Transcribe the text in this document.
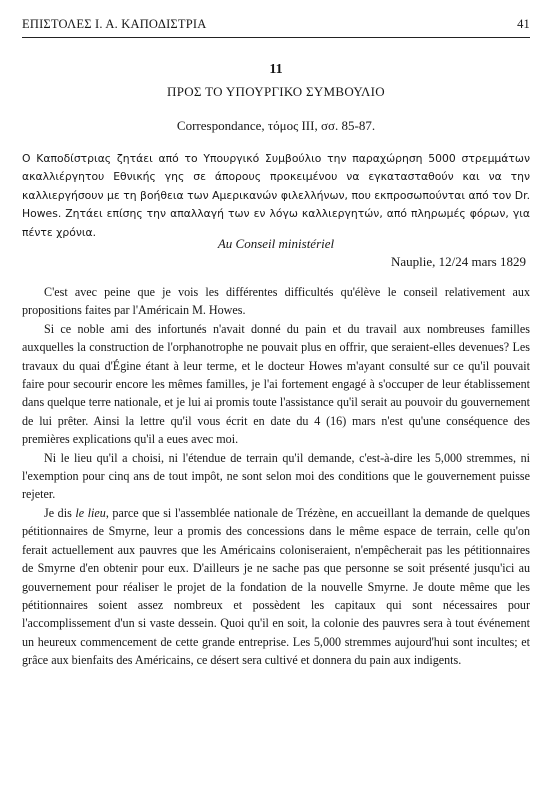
ΕΠΙΣΤΟΛΕΣ Ι. Α. ΚΑΠΟΔΙΣΤΡΙΑ	41
11
ΠΡΟΣ ΤΟ ΥΠΟΥΡΓΙΚΟ ΣΥΜΒΟΥΛΙΟ
Correspondance, τόμος III, σσ. 85-87.
Ο Καποδίστριας ζητάει από το Υπουργικό Συμβούλιο την παραχώρηση 5000 στρεμμάτων ακαλλιέργητου Εθνικής γης σε άπορους προκειμένου να εγκατασταθούν και να την καλλιεργήσουν με τη βοήθεια των Αμερικανών φιλελλήνων, που εκπροσωπούνται από τον Dr. Howes. Ζητάει επίσης την απαλλαγή των εν λόγω καλλιεργητών, από πληρωμές φόρων, για πέντε χρόνια.
Au Conseil ministériel
Nauplie, 12/24 mars 1829

C'est avec peine que je vois les différentes difficultés qu'élève le conseil relativement aux propositions faites par l'Américain M. Howes.

Si ce noble ami des infortunés n'avait donné du pain et du travail aux nombreuses familles auxquelles la construction de l'orphanotrophe ne pouvait plus en offrir, que seraient-elles devenues? Les travaux du quai d'Égine étant à leur terme, et le docteur Howes m'ayant consulté sur ce qu'il pouvait faire pour secourir encore les mêmes familles, je l'ai fortement engagé à s'occuper de leur établissement dans quelque terre nationale, et je lui ai promis toute l'assistance qu'il serait au pouvoir du gouvernement de lui prêter. Ainsi la lettre qu'il vous écrit en date du 4 (16) mars n'est qu'une conséquence des premières explications qu'il a eues avec moi.

Ni le lieu qu'il a choisi, ni l'étendue de terrain qu'il demande, c'est-à-dire les 5,000 stremmes, ni l'exemption pour cinq ans de tout impôt, ne sont selon moi des conditions que le gouvernement puisse rejeter.

Je dis le lieu, parce que si l'assemblée nationale de Trézène, en accueillant la demande de quelques pétitionnaires de Smyrne, leur a promis des concessions dans le même espace de terrain, celle qu'on ferait actuellement aux pauvres que les Américains coloniseraient, n'empêcherait pas les pétitionnaires de Smyrne d'en obtenir pour eux. D'ailleurs je ne sache pas que personne se soit présenté jusqu'ici au gouvernement pour réaliser le projet de la fondation de la nouvelle Smyrne. Je doute même que les pétitionnaires soient assez nombreux et possèdent les capitaux qui sont nécessaires pour l'accomplissement d'un si vaste dessein. Quoi qu'il en soit, la colonie des pauvres sera à tout événement un heureux commencement de cette grande entreprise. Les 5,000 stremmes aujourd'hui sont incultes; et grâce aux bienfaits des Américains, ce désert sera cultivé et donnera du pain aux indigents.
